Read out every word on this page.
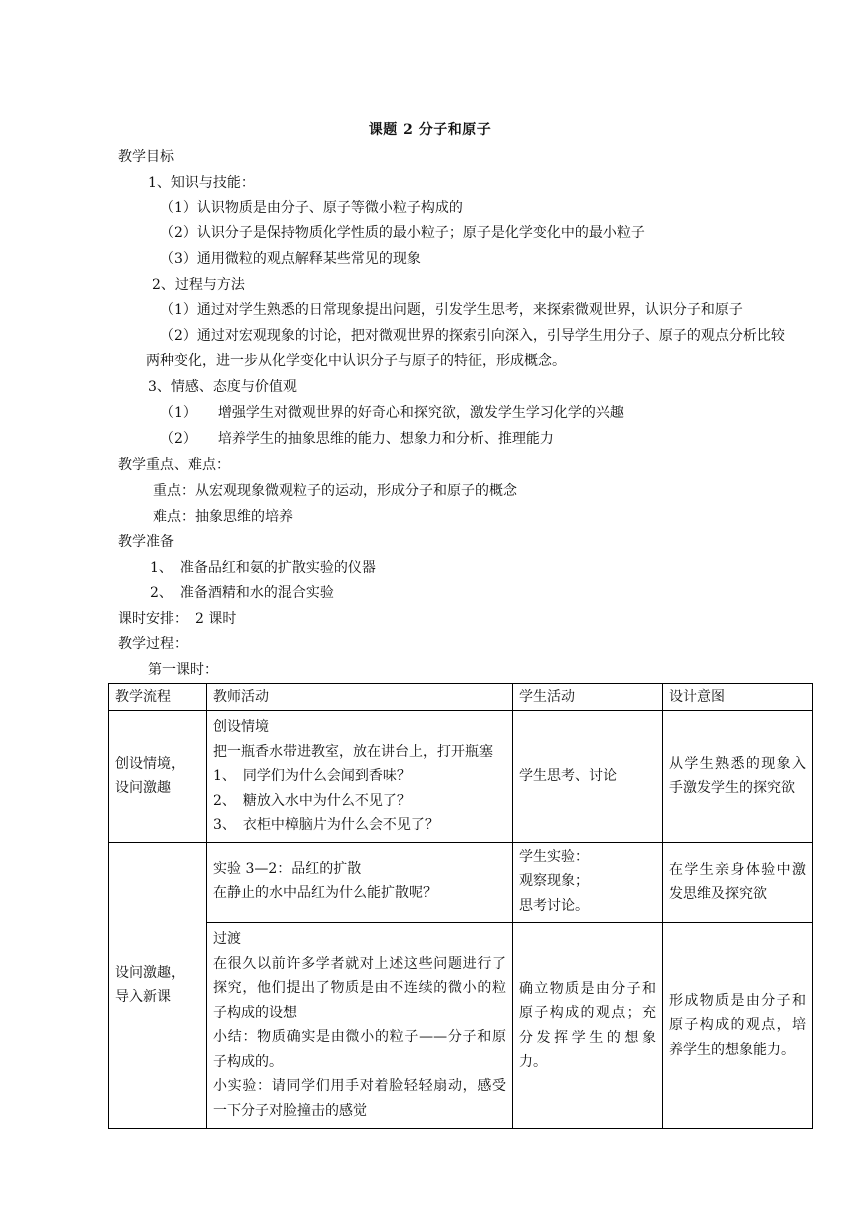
课题 2 分子和原子
教学目标
1、知识与技能：
（1）认识物质是由分子、原子等微小粒子构成的
（2）认识分子是保持物质化学性质的最小粒子；原子是化学变化中的最小粒子
（3）通用微粒的观点解释某些常见的现象
2、过程与方法
（1）通过对学生熟悉的日常现象提出问题，引发学生思考，来探索微观世界，认识分子和原子
（2）通过对宏观现象的讨论，把对微观世界的探索引向深入，引导学生用分子、原子的观点分析比较
两种变化，进一步从化学变化中认识分子与原子的特征，形成概念。
3、情感、态度与价值观
（1）　　增强学生对微观世界的好奇心和探究欲，激发学生学习化学的兴趣
（2）　　培养学生的抽象思维的能力、想象力和分析、推理能力
教学重点、难点：
重点：从宏观现象微观粒子的运动，形成分子和原子的概念
难点：抽象思维的培养
教学准备
1、　准备品红和氨的扩散实验的仪器
2、　准备酒精和水的混合实验
课时安排：　2 课时
教学过程：
第一课时：
教学流程	教师活动	学生活动	设计意图

创设情境，
设问激趣	创设情境
把一瓶香水带进教室，放在讲台上，打开瓶塞
1、　同学们为什么会闻到香味？
2、　糖放入水中为什么不见了？
3、　衣柜中樟脑片为什么会不见了？	学生思考、讨论	从学生熟悉的现象入手激发学生的探究欲

设问激趣，
导入新课	实验 3—2：品红的扩散
在静止的水中品红为什么能扩散呢？	学生实验：
观察现象；
思考讨论。	在学生亲身体验中激发思维及探究欲

	过渡
在很久以前许多学者就对上述这些问题进行了探究，他们提出了物质是由不连续的微小的粒子构成的设想
小结：物质确实是由微小的粒子——分子和原子构成的。
小实验：请同学们用手对着脸轻轻扇动，感受一下分子对脸撞击的感觉	确立物质是由分子和原子构成的观点；充分发挥学生的想象力。	形成物质是由分子和原子构成的观点，培养学生的想象能力。
